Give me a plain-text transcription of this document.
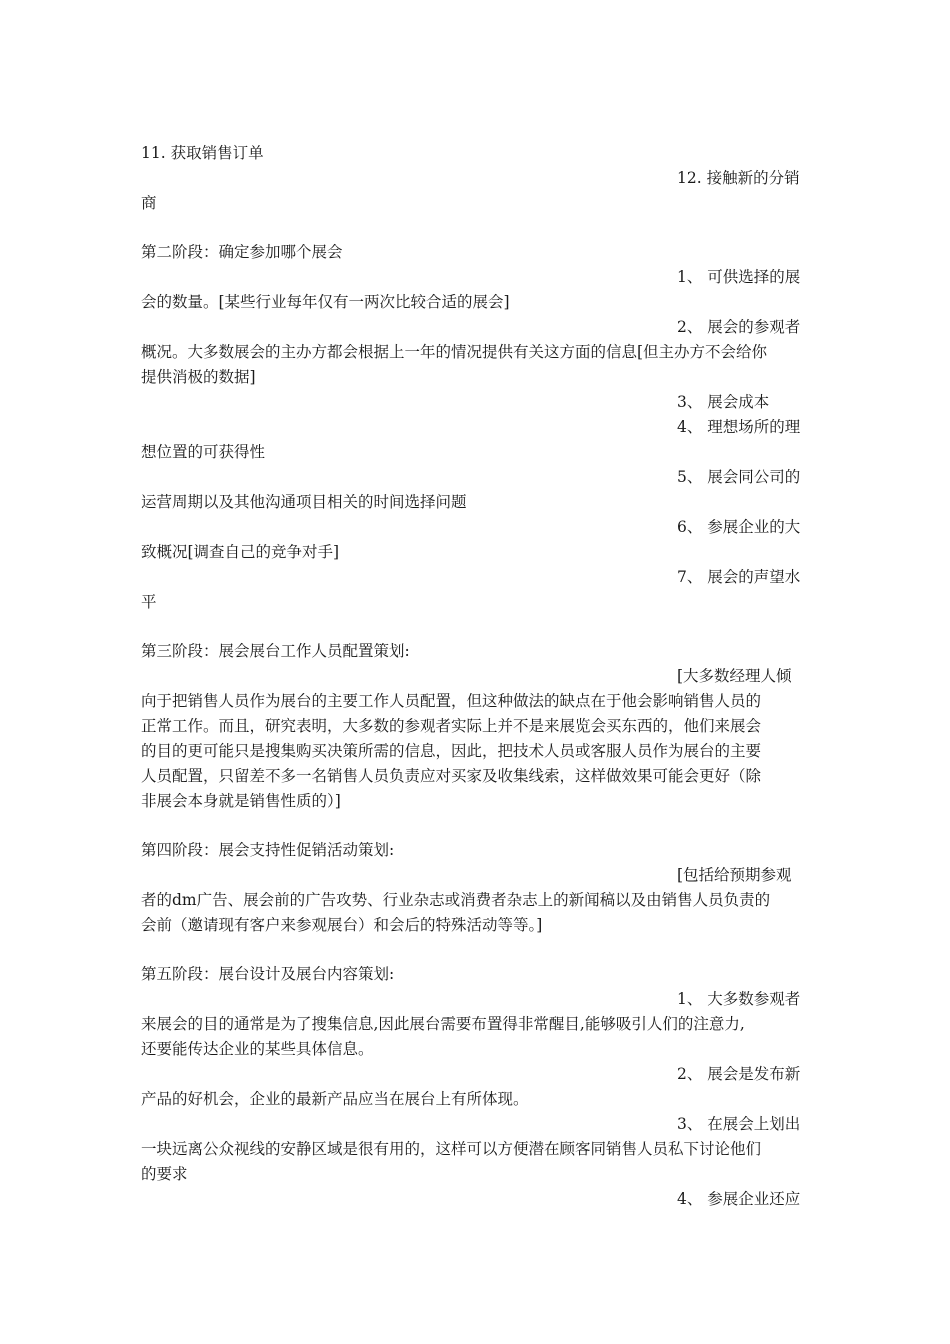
11. 获取销售订单
12. 接触新的分销
商
第二阶段：确定参加哪个展会
1、 可供选择的展
会的数量。[某些行业每年仅有一两次比较合适的展会]
2、 展会的参观者
概况。大多数展会的主办方都会根据上一年的情况提供有关这方面的信息[但主办方不会给你
提供消极的数据]
3、 展会成本
4、 理想场所的理
想位置的可获得性
5、 展会同公司的
运营周期以及其他沟通项目相关的时间选择问题
6、 参展企业的大
致概况[调查自己的竞争对手]
7、 展会的声望水
平
第三阶段：展会展台工作人员配置策划:
[大多数经理人倾
向于把销售人员作为展台的主要工作人员配置，但这种做法的缺点在于他会影响销售人员的
正常工作。而且，研究表明，大多数的参观者实际上并不是来展览会买东西的，他们来展会
的目的更可能只是搜集购买决策所需的信息，因此，把技术人员或客服人员作为展台的主要
人员配置，只留差不多一名销售人员负责应对买家及收集线索，这样做效果可能会更好（除
非展会本身就是销售性质的）]
第四阶段：展会支持性促销活动策划:
[包括给预期参观
者的dm广告、展会前的广告攻势、行业杂志或消费者杂志上的新闻稿以及由销售人员负责的
会前（邀请现有客户来参观展台）和会后的特殊活动等等。]
第五阶段：展台设计及展台内容策划:
1、 大多数参观者
来展会的目的通常是为了搜集信息,因此展台需要布置得非常醒目,能够吸引人们的注意力,
还要能传达企业的某些具体信息。
2、 展会是发布新
产品的好机会，企业的最新产品应当在展台上有所体现。
3、 在展会上划出
一块远离公众视线的安静区域是很有用的，这样可以方便潜在顾客同销售人员私下讨论他们
的要求
4、 参展企业还应
